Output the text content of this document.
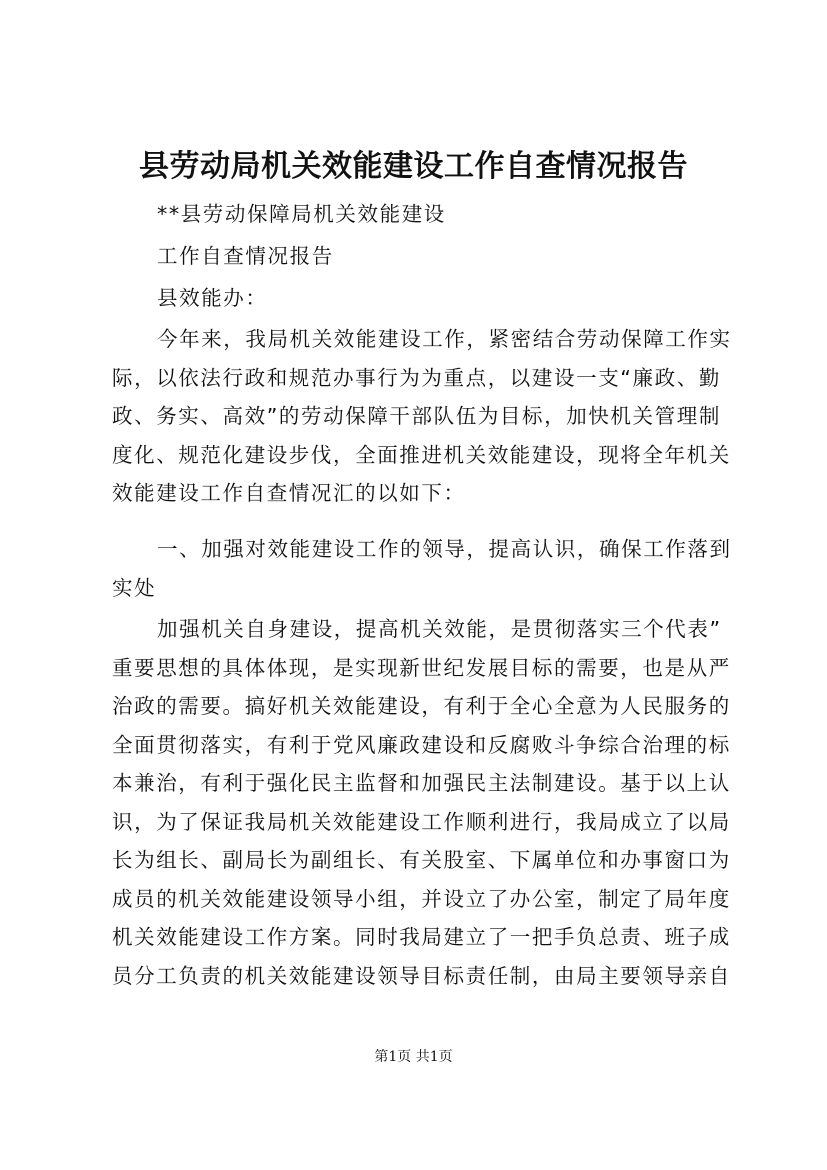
县劳动局机关效能建设工作自查情况报告
**县劳动保障局机关效能建设
工作自查情况报告
县效能办：
今年来，我局机关效能建设工作，紧密结合劳动保障工作实
际，以依法行政和规范办事行为为重点，以建设一支“廉政、勤
政、务实、高效”的劳动保障干部队伍为目标，加快机关管理制
度化、规范化建设步伐，全面推进机关效能建设，现将全年机关
效能建设工作自查情况汇的以如下：
一、加强对效能建设工作的领导，提高认识，确保工作落到
实处
加强机关自身建设，提高机关效能，是贯彻落实三个代表”
重要思想的具体体现，是实现新世纪发展目标的需要，也是从严
治政的需要。搞好机关效能建设，有利于全心全意为人民服务的
全面贯彻落实，有利于党风廉政建设和反腐败斗争综合治理的标
本兼治，有利于强化民主监督和加强民主法制建设。基于以上认
识，为了保证我局机关效能建设工作顺利进行，我局成立了以局
长为组长、副局长为副组长、有关股室、下属单位和办事窗口为
成员的机关效能建设领导小组，并设立了办公室，制定了局年度
机关效能建设工作方案。同时我局建立了一把手负总责、班子成
员分工负责的机关效能建设领导目标责任制，由局主要领导亲自
第1页 共1页
